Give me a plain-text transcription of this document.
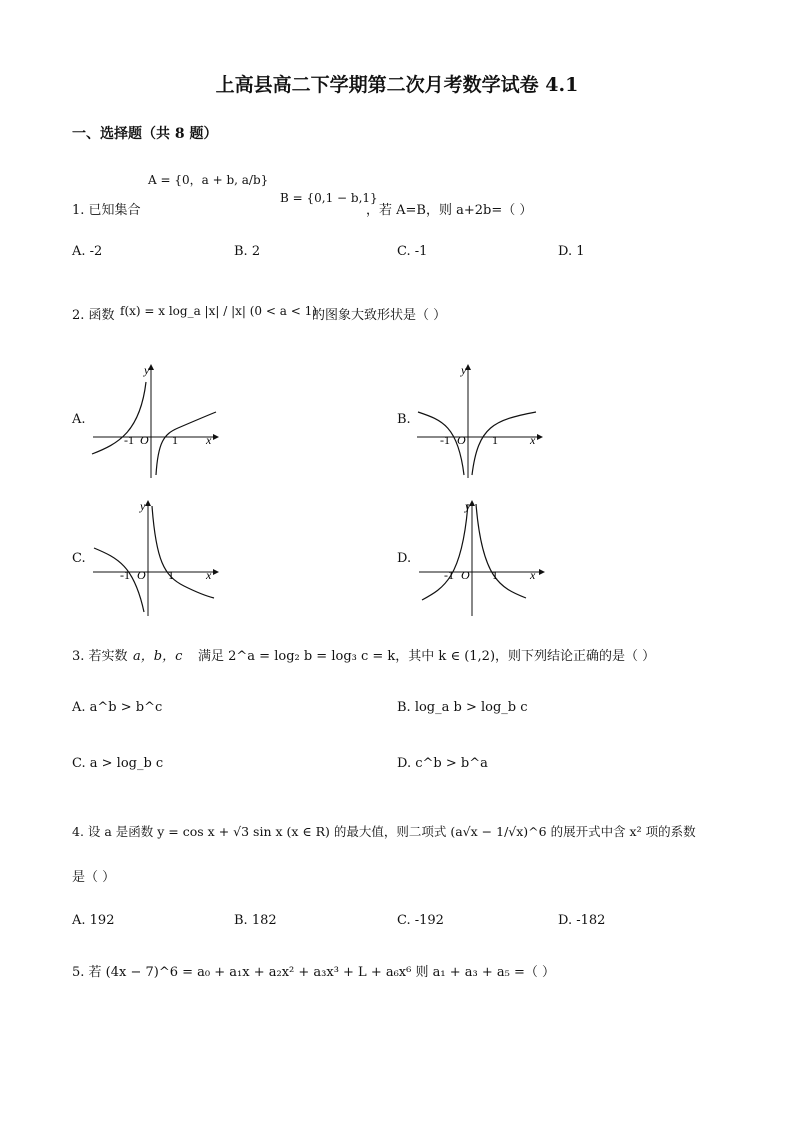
上高县高二下学期第二次月考数学试卷 4.1
一、选择题（共 8 题）
1. 已知集合
A = {0，a + b, a/b}
B = {0,1 − b,1}
，若 A=B，则 a+2b=（ ）
A. -2	B. 2	C. -1	D. 1
2. 函数 f(x) = x log_a |x| / |x| (0 < a < 1)
的图象大致形状是（ ）
A.	B.
C.	D.
y
x
-1 O 1
y
x
-1 O 1
y
x
-1 O 1
y
x
-1 O 1
3. 若实数 a，b，c 满足 2^a = log₂ b = log₃ c = k，其中 k ∈ (1,2)，则下列结论正确的是（ ）
A. a^b > b^c	B. log_a b > log_b c
C. a > log_b c	D. c^b > b^a
4. 设 a 是函数 y = cos x + √3 sin x (x ∈ R) 的最大值，则二项式 (a√x − 1/√x)^6 的展开式中含 x² 项的系数
是（ ）
A. 192	B. 182	C. -192	D. -182
5. 若 (4x − 7)^6 = a₀ + a₁x + a₂x² + a₃x³ + L + a₆x⁶ 则 a₁ + a₃ + a₅ =（ ）
